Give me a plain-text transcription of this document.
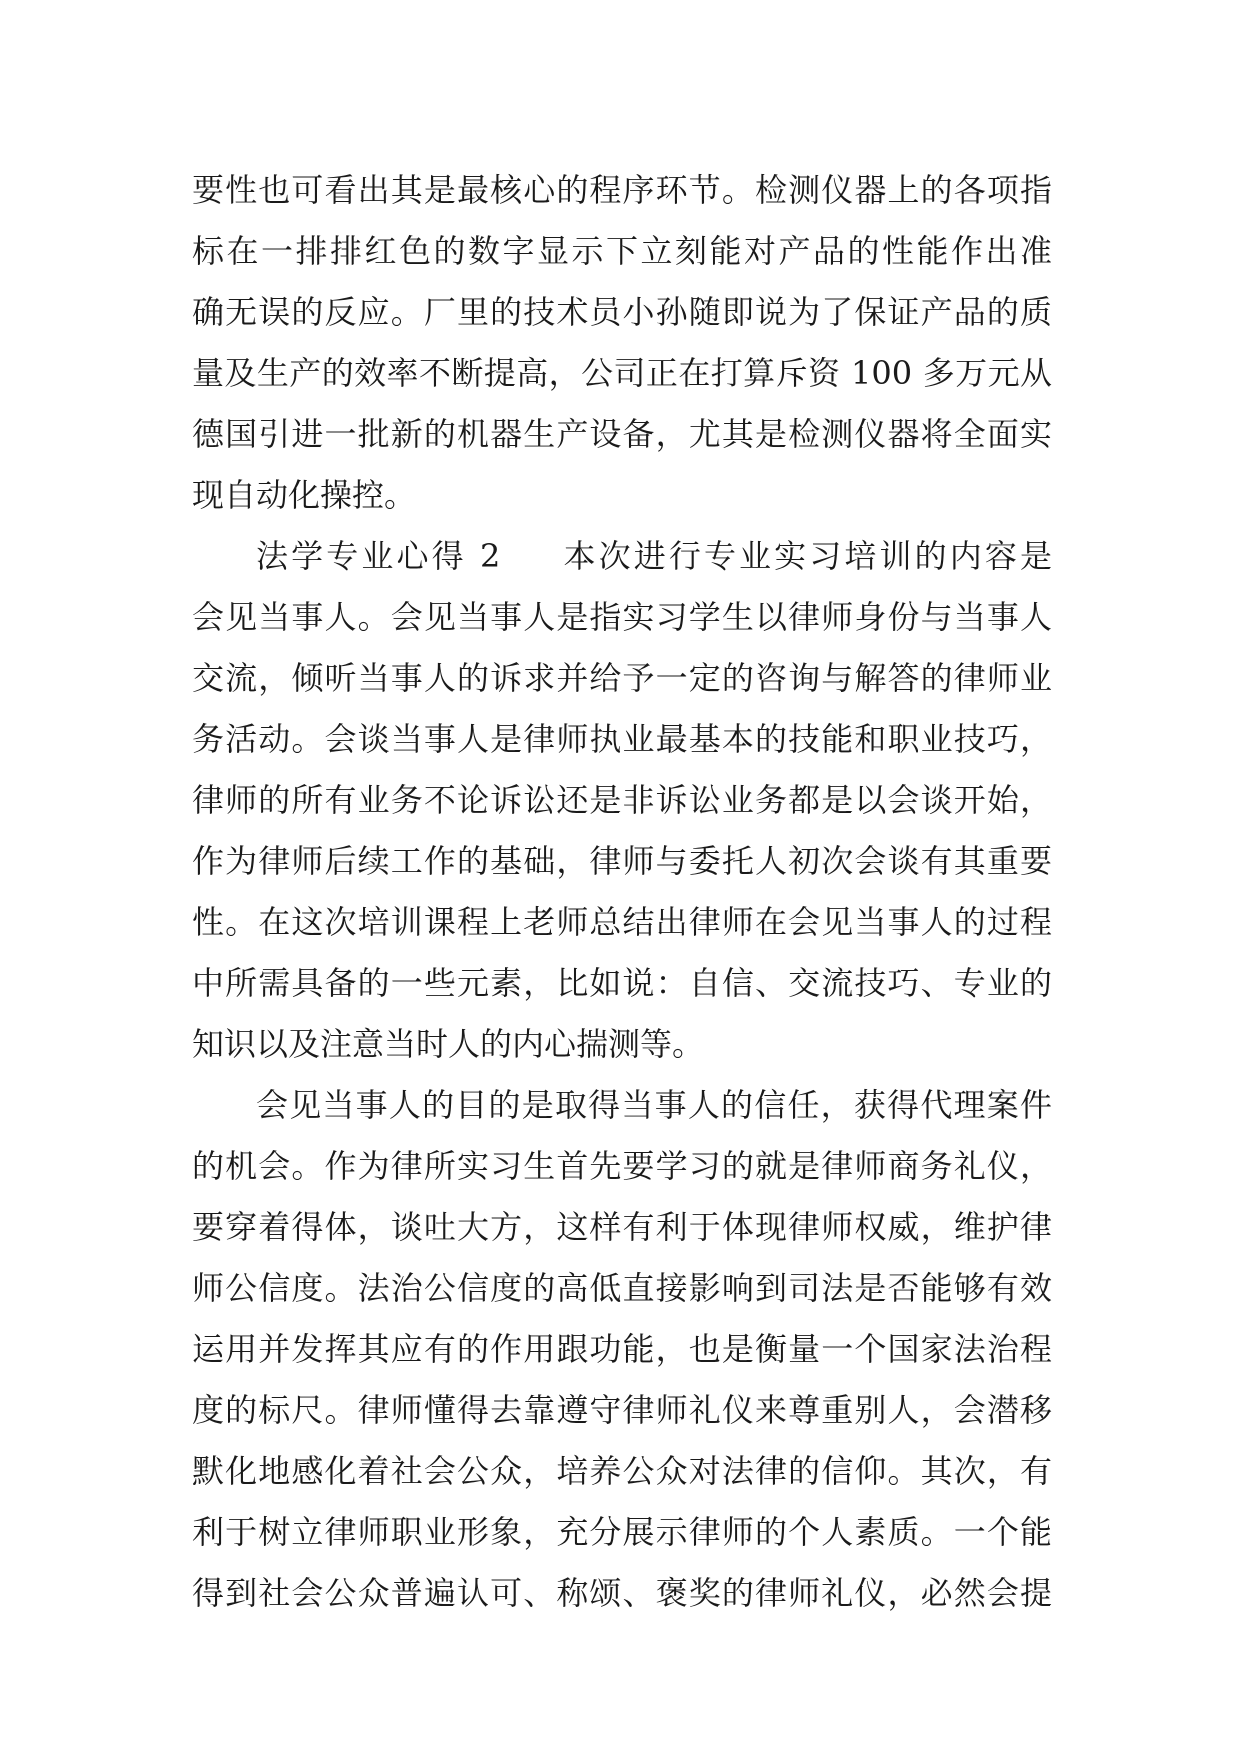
要性也可看出其是最核心的程序环节。检测仪器上的各项指
标在一排排红色的数字显示下立刻能对产品的性能作出准
确无误的反应。厂里的技术员小孙随即说为了保证产品的质
量及生产的效率不断提高，公司正在打算斥资 100 多万元从
德国引进一批新的机器生产设备，尤其是检测仪器将全面实
现自动化操控。
法学专业心得 2 本次进行专业实习培训的内容是
会见当事人。会见当事人是指实习学生以律师身份与当事人
交流，倾听当事人的诉求并给予一定的咨询与解答的律师业
务活动。会谈当事人是律师执业最基本的技能和职业技巧，
律师的所有业务不论诉讼还是非诉讼业务都是以会谈开始，
作为律师后续工作的基础，律师与委托人初次会谈有其重要
性。在这次培训课程上老师总结出律师在会见当事人的过程
中所需具备的一些元素，比如说：自信、交流技巧、专业的
知识以及注意当时人的内心揣测等。
会见当事人的目的是取得当事人的信任，获得代理案件
的机会。作为律所实习生首先要学习的就是律师商务礼仪，
要穿着得体，谈吐大方，这样有利于体现律师权威，维护律
师公信度。法治公信度的高低直接影响到司法是否能够有效
运用并发挥其应有的作用跟功能，也是衡量一个国家法治程
度的标尺。律师懂得去靠遵守律师礼仪来尊重别人，会潜移
默化地感化着社会公众，培养公众对法律的信仰。其次，有
利于树立律师职业形象，充分展示律师的个人素质。一个能
得到社会公众普遍认可、称颂、褒奖的律师礼仪，必然会提
